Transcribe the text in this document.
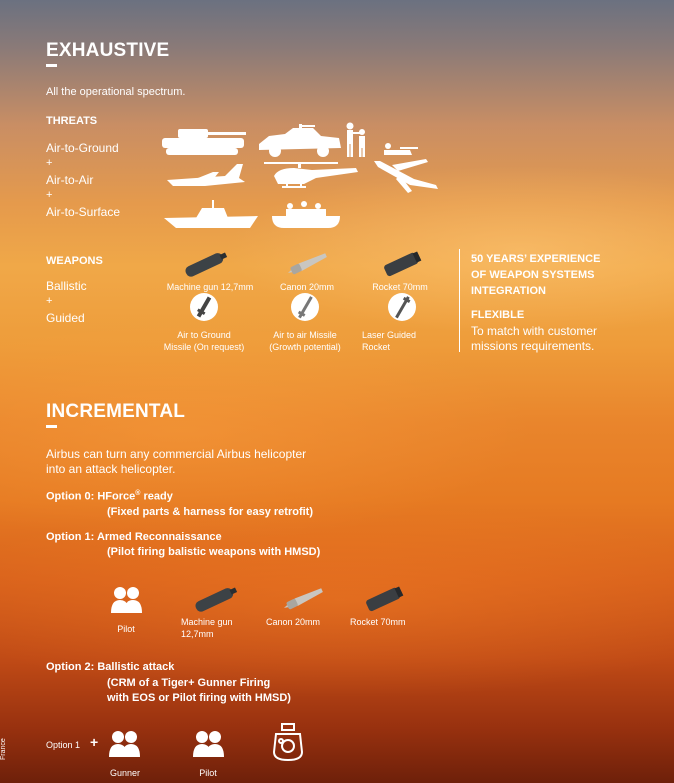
EXHAUSTIVE
All the operational spectrum.
THREATS
Air-to-Ground
+
Air-to-Air
+
Air-to-Surface
WEAPONS
Ballistic
+
Guided
Machine gun 12,7mm	Canon 20mm	Rocket 70mm
Air to Ground
Missile (On request)
Air to air Missile
(Growth potential)
Laser Guided
Rocket
50 YEARS’ EXPERIENCE
OF WEAPON SYSTEMS
INTEGRATION
FLEXIBLE
To match with customer
missions requirements.
INCREMENTAL
Airbus can turn any commercial Airbus helicopter
into an attack helicopter.
Option 0: HForce® ready
(Fixed parts & harness for easy retrofit)
Option 1: Armed Reconnaissance
(Pilot firing balistic weapons with HMSD)
Pilot
Machine gun
12,7mm
Canon 20mm	Rocket 70mm
Option 2: Ballistic attack
(CRM of a Tiger+ Gunner Firing
with EOS or Pilot firing with HMSD)
Option 1 +
Gunner	Pilot
France
